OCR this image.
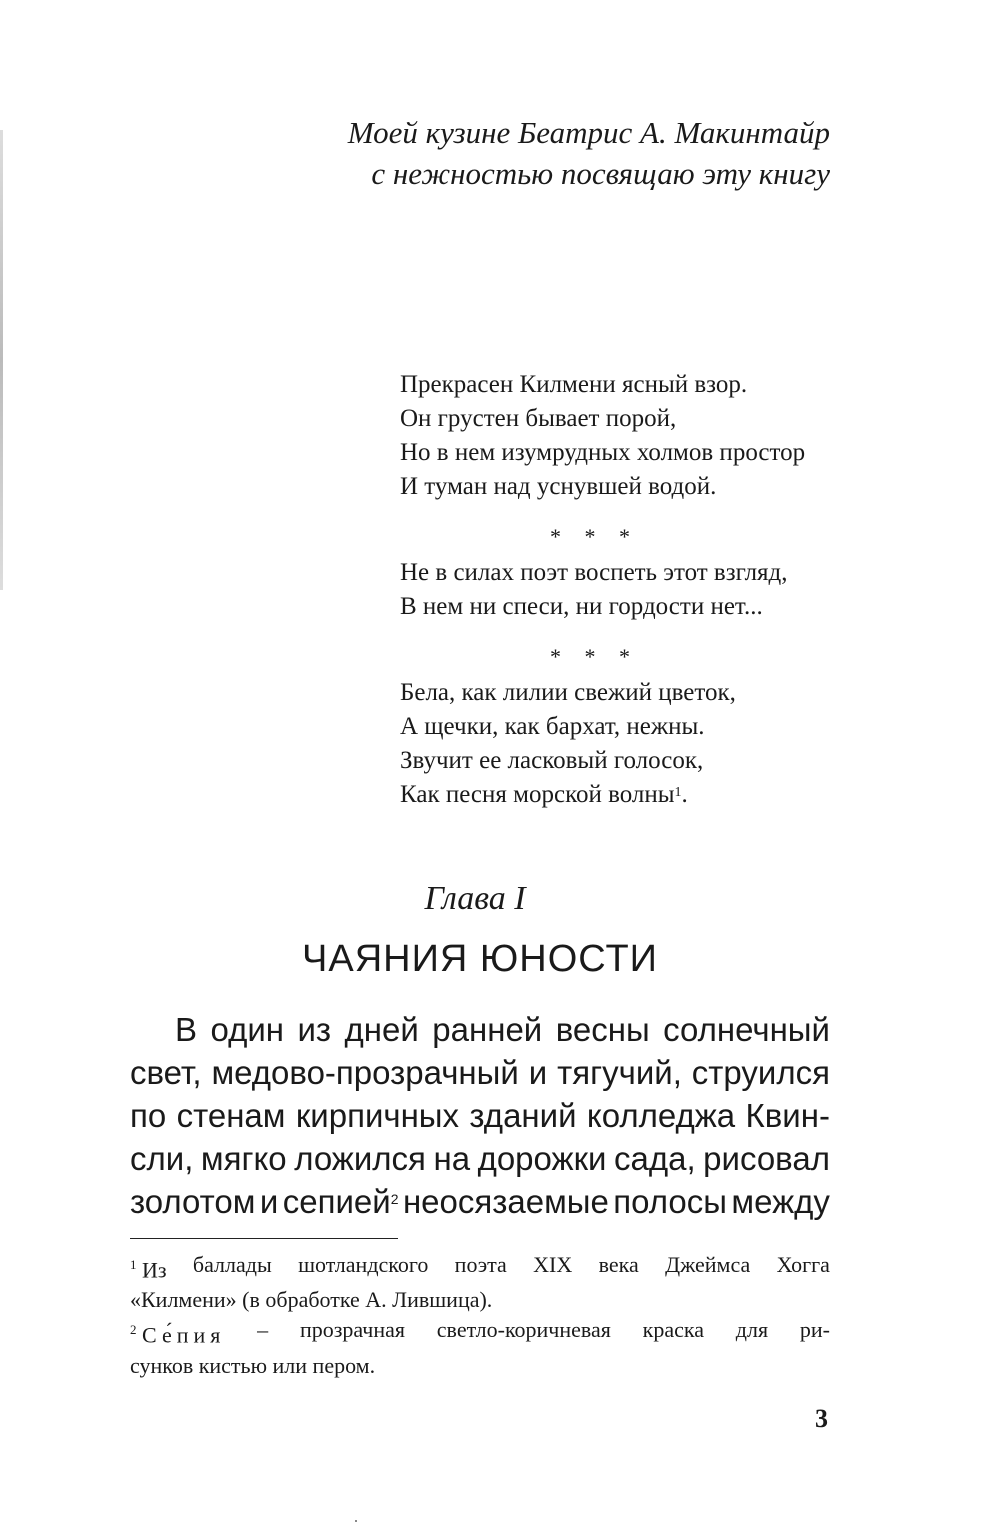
Моей кузине Беатрис А. Макинтайр
с нежностью посвящаю эту книгу
Прекрасен Килмени ясный взор.
Он грустен бывает порой,
Но в нем изумрудных холмов простор
И туман над уснувшей водой.
* * *
Не в силах поэт воспеть этот взгляд,
В нем ни спеси, ни гордости нет...
* * *
Бела, как лилии свежий цветок,
А щечки, как бархат, нежны.
Звучит ее ласковый голосок,
Как песня морской волны$^1$.
Глава I
ЧАЯНИЯ ЮНОСТИ
В один из дней ранней весны солнечный
свет, медово-прозрачный и тягучий, струился
по стенам кирпичных зданий колледжа Квин-
сли, мягко ложился на дорожки сада, рисовал
золотом и сепией$^2$ неосязаемые полосы между
$^1$ Из баллады шотландского поэта XIX века Джеймса Хогга
«Килмени» (в обработке А. Лившица).
$^2$ Се́пия – прозрачная светло-коричневая краска для ри-
сунков кистью или пером.
3
